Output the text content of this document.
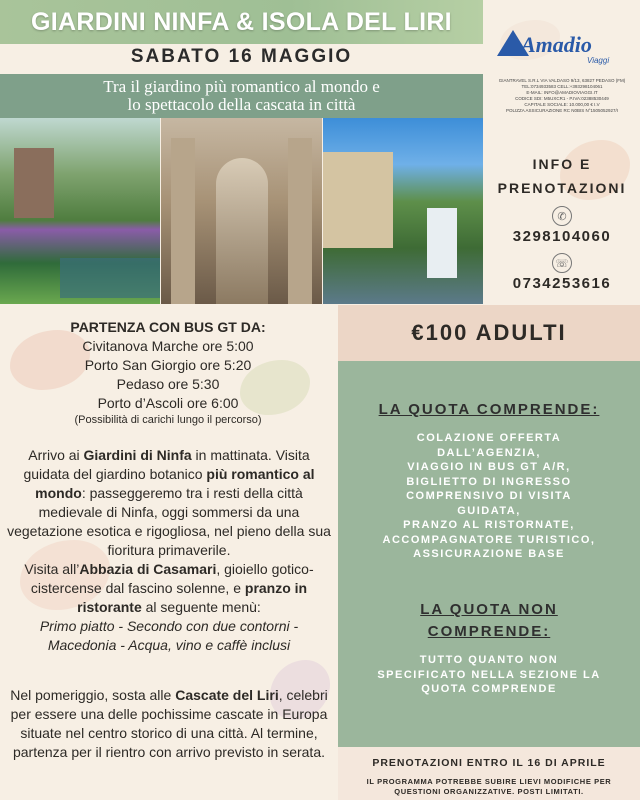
GIARDINI NINFA & ISOLA DEL LIRI
SABATO 16 MAGGIO
Tra il giardino più romantico al mondo e
lo spettacolo della cascata in città
Amadio
Viaggi
GIANTRAVEL S.R.L VIA VALDASO 9/13, 63827 PEDASO (FM)
TEL:0734933583 CELL:+393298104061
E-MAIL: INFO@AMADIOVIAGGI.IT
CODICE SDI: M5UXCR1 - P.IVA:02388530449
CAPITALE SOCIALE: 10.000,00 € I.V
POLIZZA ASSICURAZIONE RC N0BIS N°1505052927/I
INFO E
PRENOTAZIONI
✆
3298104060
☏
0734253616
PARTENZA CON BUS GT DA:
Civitanova Marche ore 5:00
Porto San Giorgio ore 5:20
Pedaso ore 5:30
Porto d’Ascoli ore 6:00
(Possibilità di carichi lungo il percorso)
Arrivo ai Giardini di Ninfa in mattinata. Visita guidata del giardino botanico più romantico al mondo: passeggeremo tra i resti della città medievale di Ninfa, oggi sommersi da una vegetazione esotica e rigogliosa, nel pieno della sua fioritura primaverile.
Visita all’Abbazia di Casamari, gioiello gotico-cistercense dal fascino solenne, e pranzo in ristorante al seguente menù:
Primo piatto - Secondo con due contorni - Macedonia - Acqua, vino e caffè inclusi
Nel pomeriggio, sosta alle Cascate del Liri, celebri per essere una delle pochissime cascate in Europa situate nel centro storico di una città. Al termine, partenza per il rientro con arrivo previsto in serata.
€100 ADULTI
LA QUOTA COMPRENDE:
COLAZIONE OFFERTA
DALL’AGENZIA,
VIAGGIO IN BUS GT A/R,
BIGLIETTO DI INGRESSO
COMPRENSIVO DI VISITA
GUIDATA,
PRANZO AL RISTORNATE,
ACCOMPAGNATORE TURISTICO,
ASSICURAZIONE BASE
LA QUOTA NON
COMPRENDE:
TUTTO QUANTO NON
SPECIFICATO NELLA SEZIONE LA
QUOTA COMPRENDE
PRENOTAZIONI ENTRO IL 16 DI APRILE
IL PROGRAMMA POTREBBE SUBIRE LIEVI MODIFICHE PER
QUESTIONI ORGANIZZATIVE. POSTI LIMITATI.
